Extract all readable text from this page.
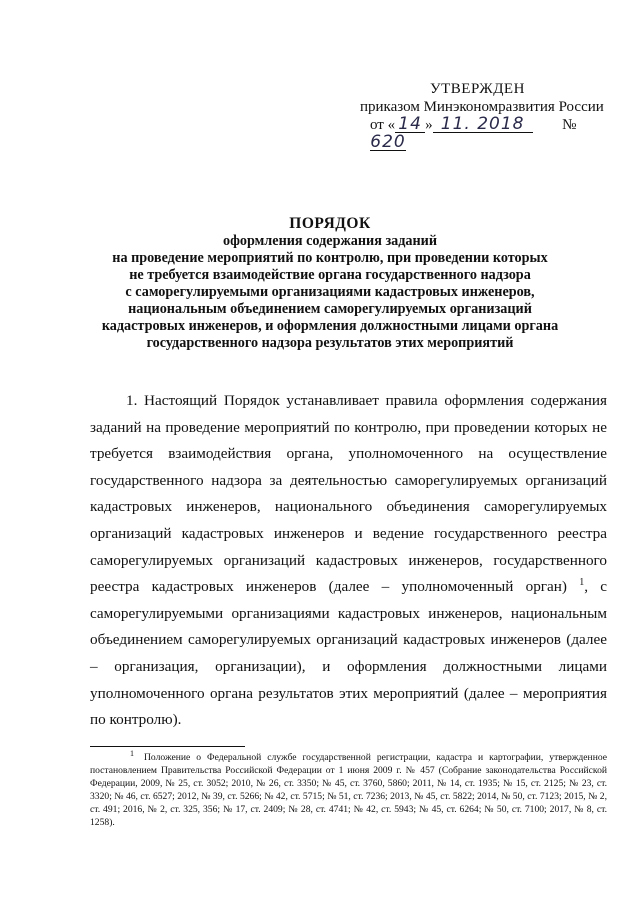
УТВЕРЖДЕН
приказом Минэкономразвития России
от « 14 » 11. 2018	№620
ПОРЯДОК
оформления содержания заданий
на проведение мероприятий по контролю, при проведении которых
не требуется взаимодействие органа государственного надзора
с саморегулируемыми организациями кадастровых инженеров,
национальным объединением саморегулируемых организаций
кадастровых инженеров, и оформления должностными лицами органа
государственного надзора результатов этих мероприятий

1. Настоящий Порядок устанавливает правила оформления содержания заданий на проведение мероприятий по контролю, при проведении которых не требуется взаимодействия органа, уполномоченного на осуществление государственного надзора за деятельностью саморегулируемых организаций кадастровых инженеров, национального объединения саморегулируемых организаций кадастровых инженеров и ведение государственного реестра саморегулируемых организаций кадастровых инженеров, государственного реестра кадастровых инженеров (далее – уполномоченный орган) $^1$, с саморегулируемыми организациями кадастровых инженеров, национальным объединением саморегулируемых организаций кадастровых инженеров (далее – организация, организации), и оформления должностными лицами уполномоченного органа результатов этих мероприятий (далее – мероприятия по контролю).

$^1$ Положение о Федеральной службе государственной регистрации, кадастра и картографии, утвержденное постановлением Правительства Российской Федерации от 1 июня 2009 г. № 457 (Собрание законодательства Российской Федерации, 2009, № 25, ст. 3052; 2010, № 26, ст. 3350; № 45, ст. 3760, 5860; 2011, № 14, ст. 1935; № 15, ст. 2125; № 23, ст. 3320; № 46, ст. 6527; 2012, № 39, ст. 5266; № 42, ст. 5715; № 51, ст. 7236; 2013, № 45, ст. 5822; 2014, № 50, ст. 7123; 2015, № 2, ст. 491; 2016, № 2, ст. 325, 356; № 17, ст. 2409; № 28, ст. 4741; № 42, ст. 5943; № 45, ст. 6264; № 50, ст. 7100; 2017, № 8, ст. 1258).
